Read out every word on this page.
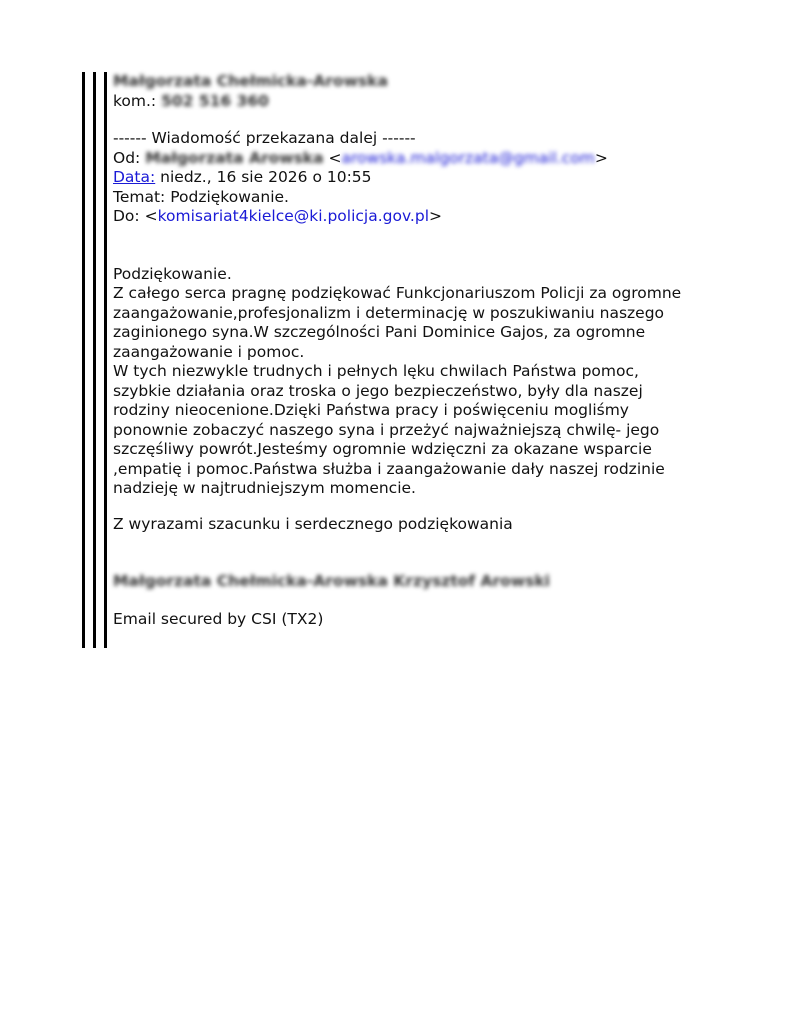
Małgorzata Chełmicka-Arowska
kom.: 502 516 360
------ Wiadomość przekazana dalej ------
Od: Małgorzata Arowska <arowska.malgorzata@gmail.com>
Data: niedz., 16 sie 2026 o 10:55
Temat: Podziękowanie.
Do: <komisariat4kielce@ki.policja.gov.pl>
Podziękowanie.
Z całego serca pragnę podziękować Funkcjonariuszom Policji za ogromne
zaangażowanie,profesjonalizm i determinację w poszukiwaniu naszego
zaginionego syna.W szczególności Pani Dominice Gajos, za ogromne
zaangażowanie i pomoc.
W tych niezwykle trudnych i pełnych lęku chwilach Państwa pomoc,
szybkie działania oraz troska o jego bezpieczeństwo, były dla naszej
rodziny nieocenione.Dzięki Państwa pracy i poświęceniu mogliśmy
ponownie zobaczyć naszego syna i przeżyć najważniejszą chwilę- jego
szczęśliwy powrót.Jesteśmy ogromnie wdzięczni za okazane wsparcie
,empatię i pomoc.Państwa służba i zaangażowanie dały naszej rodzinie
nadzieję w najtrudniejszym momencie.
Z wyrazami szacunku i serdecznego podziękowania
Małgorzata Chełmicka-Arowska Krzysztof Arowski
Email secured by CSI (TX2)
